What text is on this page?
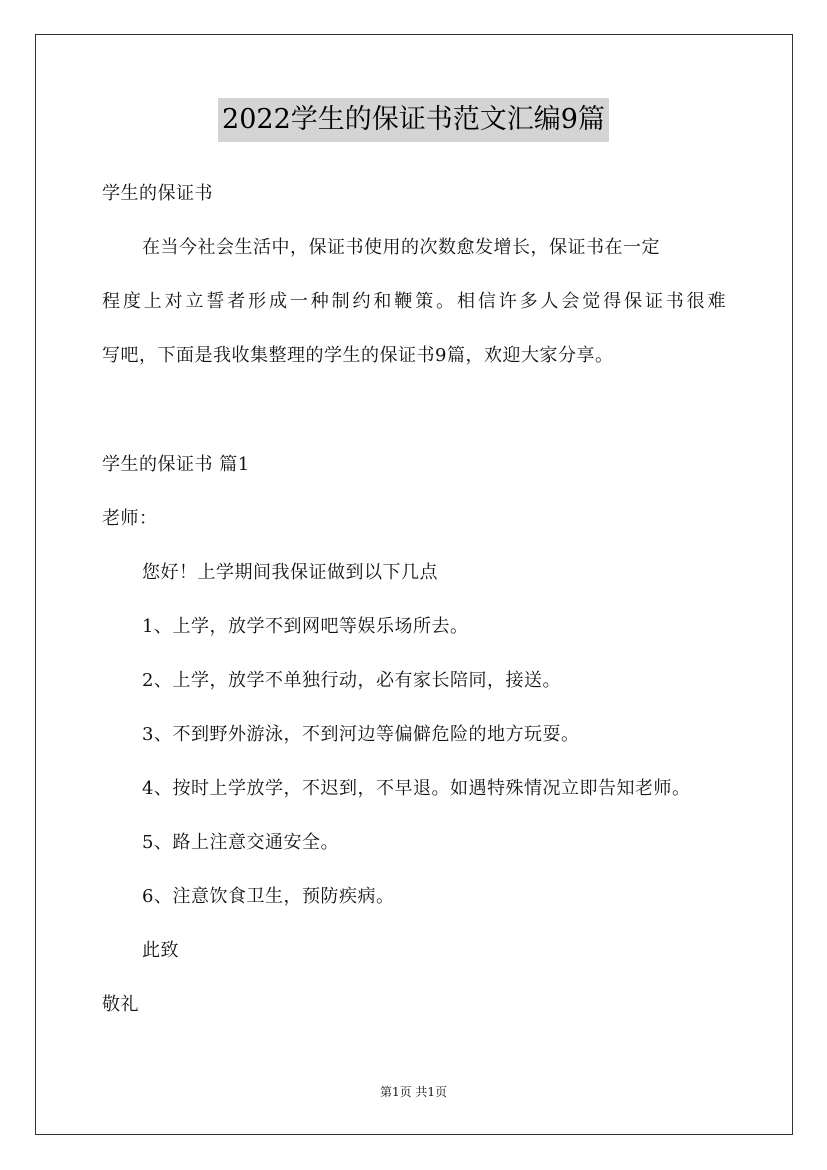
2022学生的保证书范文汇编9篇
学生的保证书
在当今社会生活中，保证书使用的次数愈发增长，保证书在一定
程度上对立誓者形成一种制约和鞭策。相信许多人会觉得保证书很难
写吧，下面是我收集整理的学生的保证书9篇，欢迎大家分享。
学生的保证书 篇1
老师：
您好！上学期间我保证做到以下几点
1、上学，放学不到网吧等娱乐场所去。
2、上学，放学不单独行动，必有家长陪同，接送。
3、不到野外游泳，不到河边等偏僻危险的地方玩耍。
4、按时上学放学，不迟到，不早退。如遇特殊情况立即告知老师。
5、路上注意交通安全。
6、注意饮食卫生，预防疾病。
此致
敬礼
第1页 共1页
